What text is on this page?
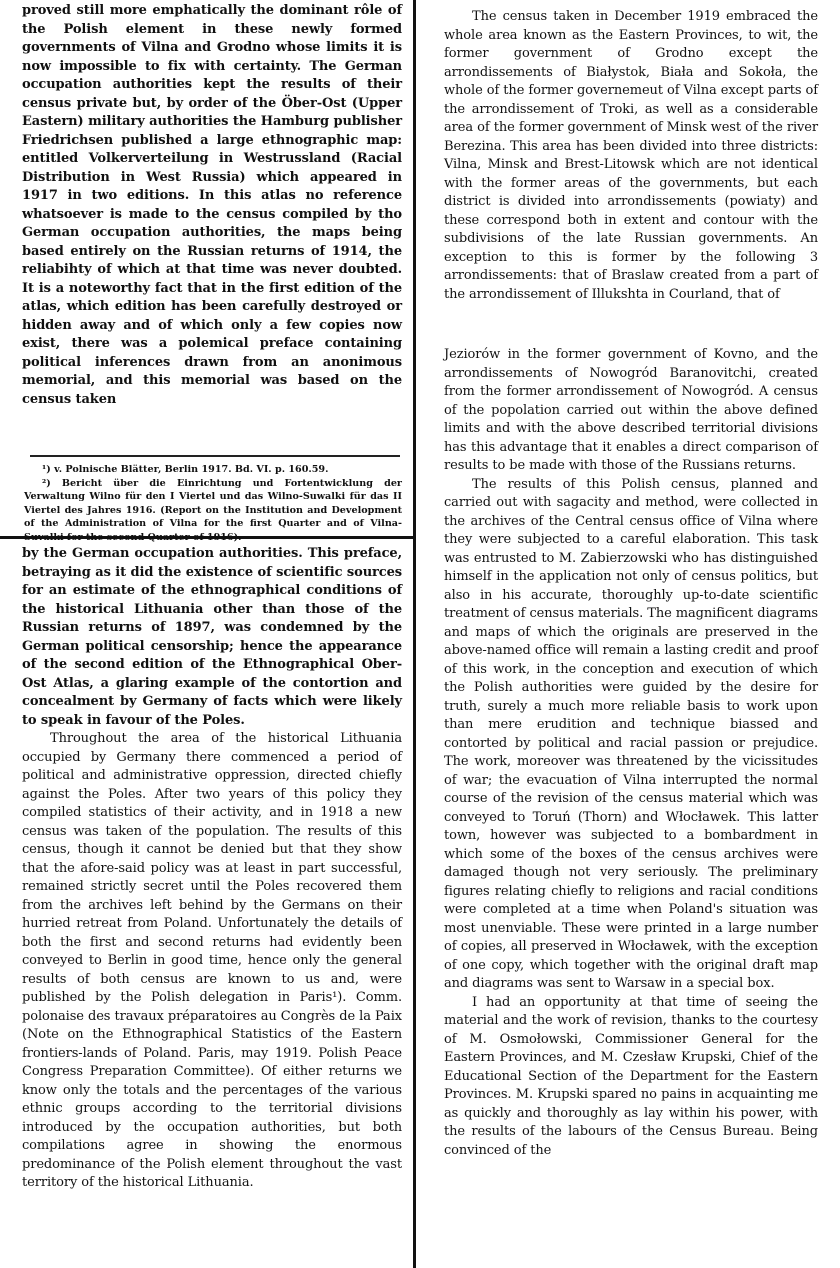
proved still more emphatically the dominant rôle of the Polish element in these newly formed governments of Vilna and Grodno whose limits it is now impossible to fix with certainty. The German occupation authorities kept the results of their census private but, by order of the Öber-Ost (Upper Eastern) military authorities the Hamburg publisher Friedrichsen published a large ethnographic map: entitled Volkerverteilung in Westrussland (Racial Distribution in West Russia) which appeared in 1917 in two editions. In this atlas no reference whatsoever is made to the census compiled by tho German occupation authorities, the maps being based entirely on the Russian returns of 1914, the reliabihty of which at that time was never doubted. It is a noteworthy fact that in the first edition of the atlas, which edition has been carefully destroyed or hidden away and of which only a few copies now exist, there was a polemical preface containing political inferences drawn from an anonimous memorial, and this memorial was based on the census taken

¹) v. Polnische Blätter, Berlin 1917. Bd. VI. p. 160.59.

²) Bericht über die Einrichtung und Fortentwicklung der Verwaltung Wilno für den I Viertel und das Wilno-Suwalki für das II Viertel des Jahres 1916. (Report on the Institution and Development of the Administration of Vilna for the first Quarter and of Vilna-Suvalki for the second Quarter of 1916).

by the German occupation authorities. This preface, betraying as it did the existence of scientific sources for an estimate of the ethnographical conditions of the historical Lithuania other than those of the Russian returns of 1897, was condemned by the German political censorship; hence the appearance of the second edition of the Ethnographical Ober-Ost Atlas, a glaring example of the contortion and concealment by Germany of facts which were likely to speak in favour of the Poles.

Throughout the area of the historical Lithuania occupied by Germany there commenced a period of political and administrative oppression, directed chiefly against the Poles. After two years of this policy they compiled statistics of their activity, and in 1918 a new census was taken of the population. The results of this census, though it cannot be denied but that they show that the afore-said policy was at least in part successful, remained strictly secret until the Poles recovered them from the archives left behind by the Germans on their hurried retreat from Poland. Unfortunately the details of both the first and second returns had evidently been conveyed to Berlin in good time, hence only the general results of both census are known to us and, were published by the Polish delegation in Paris¹). Comm. polonaise des travaux préparatoires au Congrès de la Paix (Note on the Ethnographical Statistics of the Eastern frontiers-lands of Poland. Paris, may 1919. Polish Peace Congress Preparation Committee). Of either returns we know only the totals and the percentages of the various ethnic groups according to the territorial divisions introduced by the occupation authorities, but both compilations agree in showing the enormous predominance of the Polish element throughout the vast territory of the historical Lithuania.

The census taken in December 1919 embraced the whole area known as the Eastern Provinces, to wit, the former government of Grodno except the arrondissements of Białystok, Biała and Sokoła, the whole of the former governemeut of Vilna except parts of the arrondissement of Troki, as well as a considerable area of the former government of Minsk west of the river Berezina. This area has been divided into three districts: Vilna, Minsk and Brest-Litowsk which are not identical with the former areas of the governments, but each district is divided into arrondissements (powiaty) and these correspond both in extent and contour with the subdivisions of the late Russian governments. An exception to this is former by the following 3 arrondissements: that of Braslaw created from a part of the arrondissement of Illukshta in Courland, that of

Jeziorów in the former government of Kovno, and the arrondissements of Nowogród Baranovitchi, created from the former arrondissement of Nowogród. A census of the popolation carried out within the above defined limits and with the above described territorial divisions has this advantage that it enables a direct comparison of results to be made with those of the Russians returns.

The results of this Polish census, planned and carried out with sagacity and method, were collected in the archives of the Central census office of Vilna where they were subjected to a careful elaboration. This task was entrusted to M. Zabierzowski who has distinguished himself in the application not only of census politics, but also in his accurate, thoroughly up-to-date scientific treatment of census materials. The magnificent diagrams and maps of which the originals are preserved in the above-named office will remain a lasting credit and proof of this work, in the conception and execution of which the Polish authorities were guided by the desire for truth, surely a much more reliable basis to work upon than mere erudition and technique biassed and contorted by political and racial passion or prejudice. The work, moreover was threatened by the vicissitudes of war; the evacuation of Vilna interrupted the normal course of the revision of the census material which was conveyed to Toruń (Thorn) and Włocławek. This latter town, however was subjected to a bombardment in which some of the boxes of the census archives were damaged though not very seriously. The preliminary figures relating chiefly to religions and racial conditions were completed at a time when Poland's situation was most unenviable. These were printed in a large number of copies, all preserved in Włocławek, with the exception of one copy, which together with the original draft map and diagrams was sent to Warsaw in a special box.

I had an opportunity at that time of seeing the material and the work of revision, thanks to the courtesy of M. Osmołowski, Commissioner General for the Eastern Provinces, and M. Czesław Krupski, Chief of the Educational Section of the Department for the Eastern Provinces. M. Krupski spared no pains in acquainting me as quickly and thoroughly as lay within his power, with the results of the labours of the Census Bureau. Being convinced of the
